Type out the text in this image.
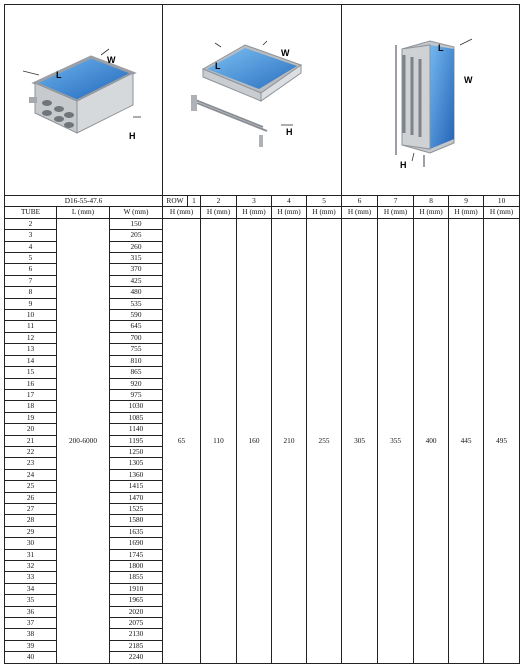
L
W
H			L
W
H						L
W
H				

D16-55-47.6			ROW	1	2	3	4	5	6	7	8	9	10
TUBE	L (mm)	W (mm)	H (mm)		H (mm)	H (mm)	H (mm)	H (mm)	H (mm)	H (mm)	H (mm)	H (mm)	H (mm)
2	200-6000	150	65		110	160	210	255	305	355	400	445	495
3		205											
4		260											
5		315											
6		370											
7		425											
8		480											
9		535											
10		590											
11		645											
12		700											
13		755											
14		810											
15		865											
16		920											
17		975											
18		1030											
19		1085											
20		1140											
21		1195											
22		1250											
23		1305											
24		1360											
25		1415											
26		1470											
27		1525											
28		1580											
29		1635											
30		1690											
31		1745											
32		1800											
33		1855											
34		1910											
35		1965											
36		2020											
37		2075											
38		2130											
39		2185											
40		2240											
